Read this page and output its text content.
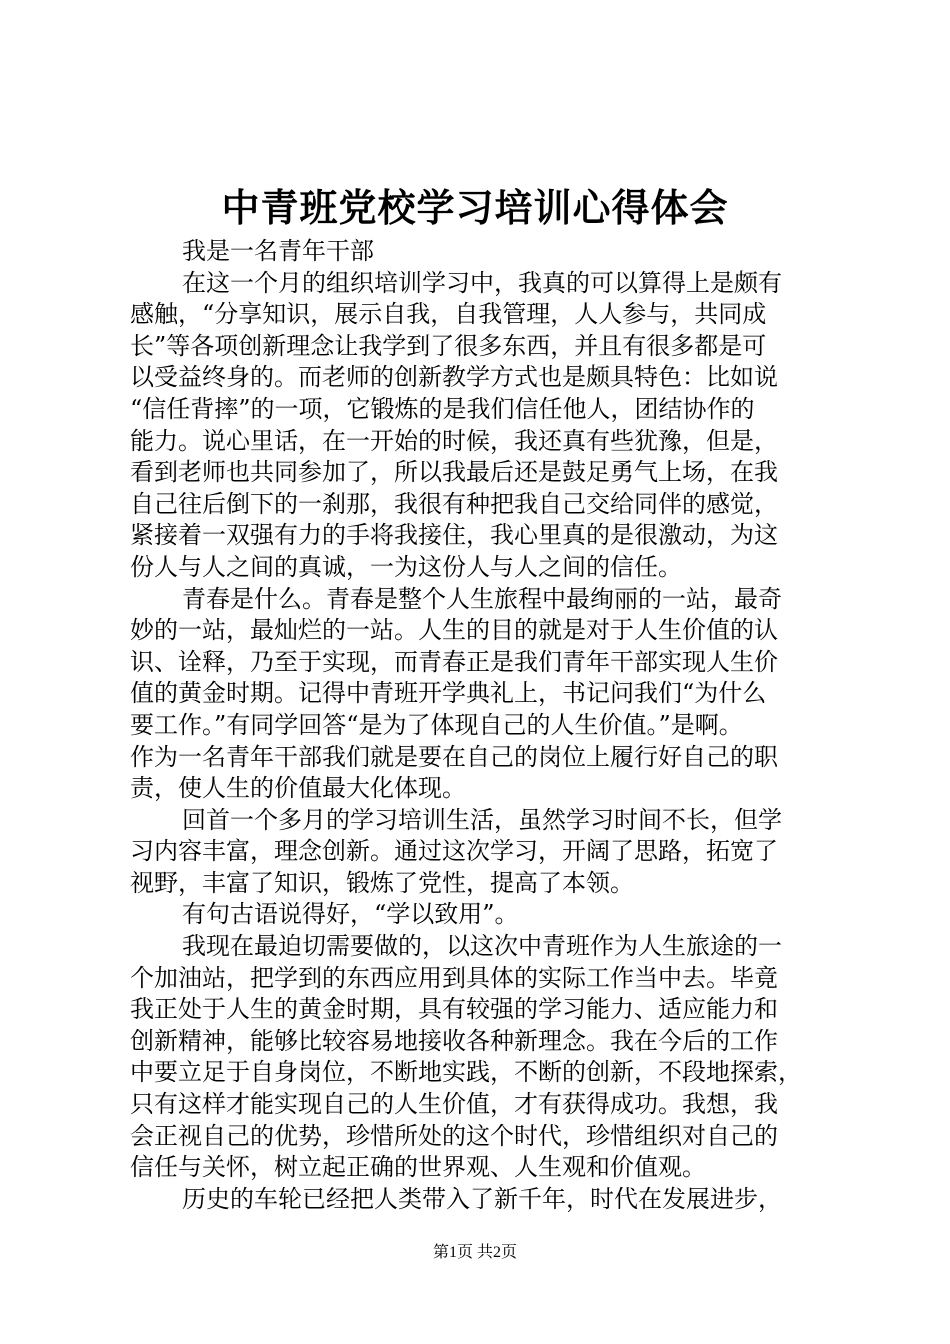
中青班党校学习培训心得体会

我是一名青年干部

在这一个月的组织培训学习中，我真的可以算得上是颇有

感触，“分享知识，展示自我，自我管理，人人参与，共同成

长”等各项创新理念让我学到了很多东西，并且有很多都是可

以受益终身的。而老师的创新教学方式也是颇具特色：比如说

“信任背摔”的一项，它锻炼的是我们信任他人，团结协作的

能力。说心里话，在一开始的时候，我还真有些犹豫，但是，

看到老师也共同参加了，所以我最后还是鼓足勇气上场，在我

自己往后倒下的一刹那，我很有种把我自己交给同伴的感觉，

紧接着一双强有力的手将我接住，我心里真的是很激动，为这

份人与人之间的真诚，一为这份人与人之间的信任。

青春是什么。青春是整个人生旅程中最绚丽的一站，最奇

妙的一站，最灿烂的一站。人生的目的就是对于人生价值的认

识、诠释，乃至于实现，而青春正是我们青年干部实现人生价

值的黄金时期。记得中青班开学典礼上，书记问我们“为什么

要工作。”有同学回答“是为了体现自己的人生价值。”是啊。

作为一名青年干部我们就是要在自己的岗位上履行好自己的职

责，使人生的价值最大化体现。

回首一个多月的学习培训生活，虽然学习时间不长，但学

习内容丰富，理念创新。通过这次学习，开阔了思路，拓宽了

视野，丰富了知识，锻炼了党性，提高了本领。

有句古语说得好，“学以致用”。

我现在最迫切需要做的，以这次中青班作为人生旅途的一

个加油站，把学到的东西应用到具体的实际工作当中去。毕竟

我正处于人生的黄金时期，具有较强的学习能力、适应能力和

创新精神，能够比较容易地接收各种新理念。我在今后的工作

中要立足于自身岗位，不断地实践，不断的创新，不段地探索，

只有这样才能实现自己的人生价值，才有获得成功。我想，我

会正视自己的优势，珍惜所处的这个时代，珍惜组织对自己的

信任与关怀，树立起正确的世界观、人生观和价值观。

历史的车轮已经把人类带入了新千年，时代在发展进步，

第1页 共2页
